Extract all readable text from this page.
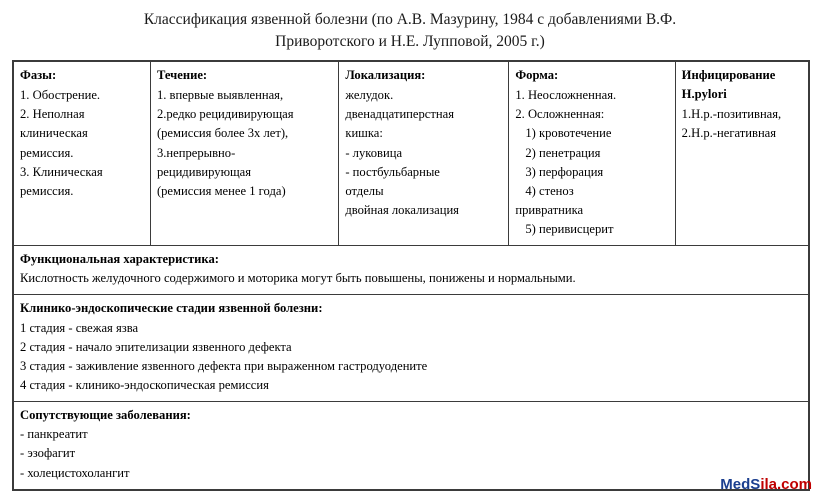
Классификация язвенной болезни (по А.В. Мазурину, 1984 с добавлениями В.Ф.
Приворотского и Н.Е. Лупповой, 2005 г.)
Фазы:
1. Обострение.
2. Неполная
клиническая
ремиссия.
3. Клиническая
ремиссия.

Течение:
1. впервые выявленная,
2.редко рецидивирующая
(ремиссия более 3х лет),
3.непрерывно-
рецидивирующая
(ремиссия менее 1 года)

Локализация:
желудок.
двенадцатиперстная
кишка:
- луковица
- постбульбарные
отделы
двойная локализация

Форма:
1. Неосложненная.
2. Осложненная:
1) кровотечение
2) пенетрация
3) перфорация
4) стеноз
привратника
5) перивисцерит

Инфицирование H.pylori
1.Н.р.-позитивная,
2.Н.р.-негативная

Функциональная характеристика:
Кислотность желудочного содержимого и моторика могут быть повышены, понижены и нормальными.

Клинико-эндоскопические стадии язвенной болезни:
1 стадия - свежая язва
2 стадия - начало эпителизации язвенного дефекта
3 стадия - заживление язвенного дефекта при выраженном гастродуодените
4 стадия - клинико-эндоскопическая ремиссия

Сопутствующие заболевания:
- панкреатит
- эзофагит
- холецистохолангит
MedSila.com
